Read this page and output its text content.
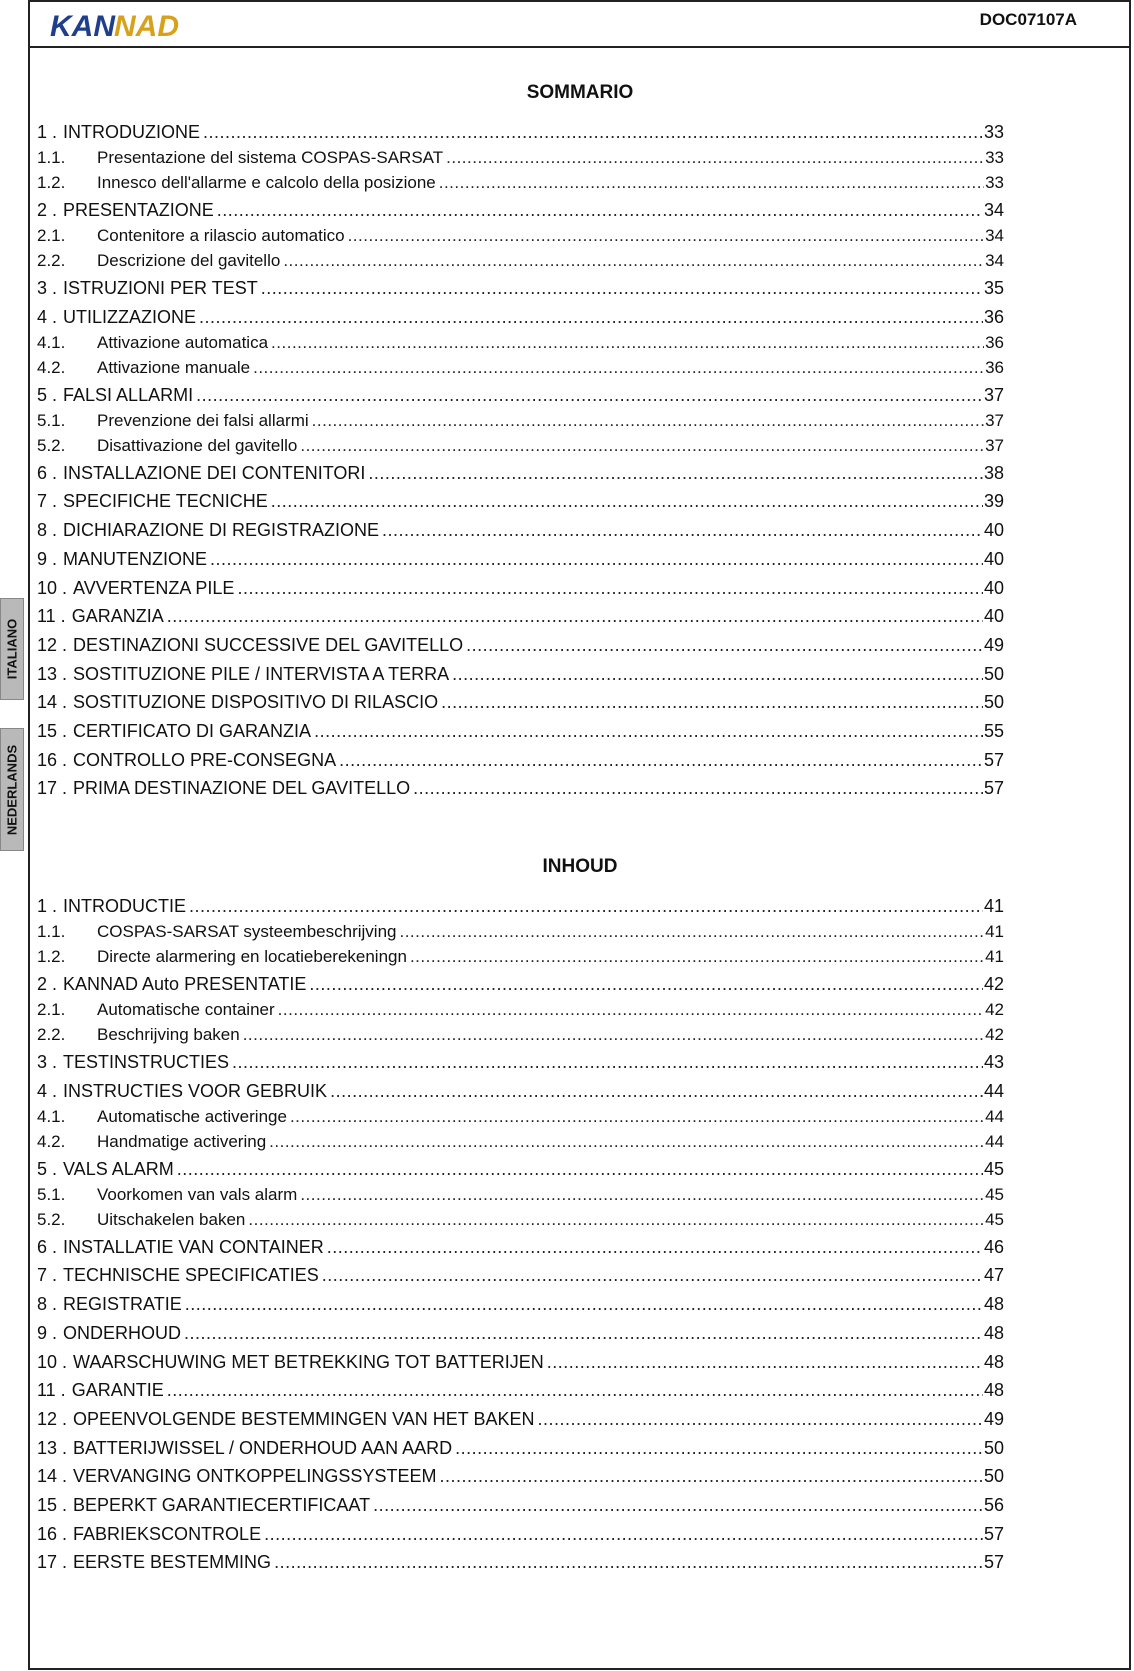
ITALIANO
NEDERLANDS
KAN NAD	DOC07107A
SOMMARIO
1 . INTRODUZIONE .....	33
1.1.	Presentazione del sistema COSPAS-SARSAT .....	33
1.2.	Innesco dell'allarme e calcolo della posizione .....	33
2 . PRESENTAZIONE .....	34
2.1.	Contenitore a rilascio automatico .....	34
2.2.	Descrizione del gavitello .....	34
3 . ISTRUZIONI PER TEST .....	35
4 . UTILIZZAZIONE .....	36
4.1.	Attivazione automatica .....	36
4.2.	Attivazione manuale .....	36
5 . FALSI ALLARMI .....	37
5.1.	Prevenzione dei falsi allarmi .....	37
5.2.	Disattivazione del gavitello .....	37
6 . INSTALLAZIONE DEI CONTENITORI .....	38
7 . SPECIFICHE TECNICHE .....	39
8 . DICHIARAZIONE DI REGISTRAZIONE .....	40
9 . MANUTENZIONE .....	40
10 . AVVERTENZA PILE .....	40
11 . GARANZIA .....	40
12 . DESTINAZIONI SUCCESSIVE DEL GAVITELLO .....	49
13 . SOSTITUZIONE PILE / INTERVISTA A TERRA .....	50
14 . SOSTITUZIONE DISPOSITIVO DI RILASCIO .....	50
15 . CERTIFICATO DI GARANZIA .....	55
16 . CONTROLLO PRE-CONSEGNA .....	57
17 . PRIMA DESTINAZIONE DEL GAVITELLO .....	57
INHOUD
1 . INTRODUCTIE .....	41
1.1.	COSPAS-SARSAT systeembeschrijving .....	41
1.2.	Directe alarmering en locatieberekeningn .....	41
2 . KANNAD Auto PRESENTATIE .....	42
2.1.	Automatische container .....	42
2.2.	Beschrijving baken .....	42
3 . TESTINSTRUCTIES .....	43
4 . INSTRUCTIES VOOR GEBRUIK .....	44
4.1.	Automatische activeringe .....	44
4.2.	Handmatige activering .....	44
5 . VALS ALARM .....	45
5.1.	Voorkomen van vals alarm .....	45
5.2.	Uitschakelen baken .....	45
6 . INSTALLATIE VAN CONTAINER .....	46
7 . TECHNISCHE SPECIFICATIES .....	47
8 . REGISTRATIE .....	48
9 . ONDERHOUD .....	48
10 . WAARSCHUWING MET BETREKKING TOT BATTERIJEN .....	48
11 . GARANTIE .....	48
12 . OPEENVOLGENDE BESTEMMINGEN VAN HET BAKEN .....	49
13 . BATTERIJWISSEL / ONDERHOUD AAN AARD .....	50
14 . VERVANGING ONTKOPPELINGSSYSTEEM .....	50
15 . BEPERKT GARANTIECERTIFICAAT .....	56
16 . FABRIEKSCONTROLE .....	57
17 . EERSTE BESTEMMING .....	57
